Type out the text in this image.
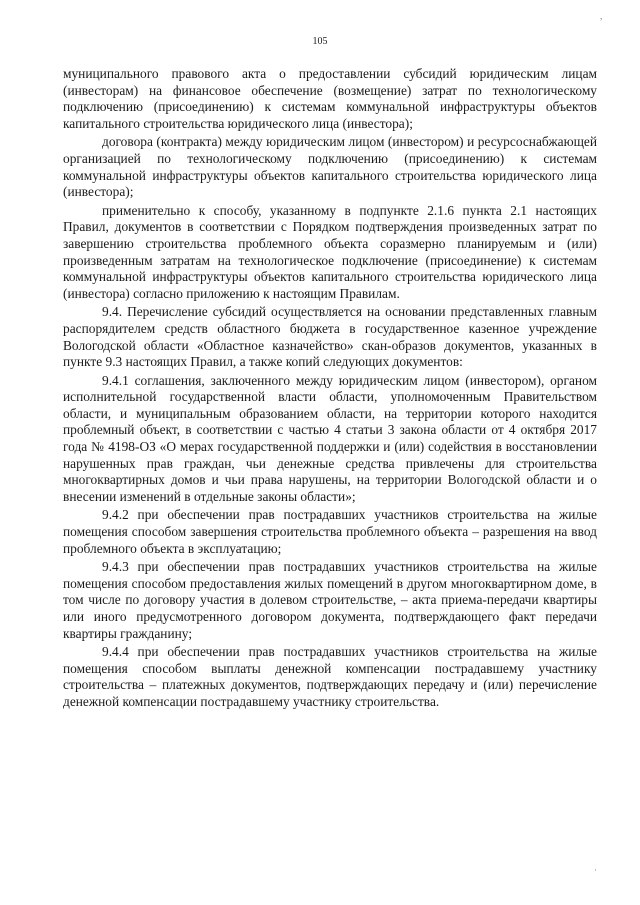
105

муниципального правового акта о предоставлении субсидий юридическим лицам (инвесторам) на финансовое обеспечение (возмещение) затрат по технологическому подключению (присоединению) к системам коммунальной инфраструктуры объектов капитального строительства юридического лица (инвестора);

договора (контракта) между юридическим лицом (инвестором) и ресурсоснабжающей организацией по технологическому подключению (присоединению) к системам коммунальной инфраструктуры объектов капитального строительства юридического лица (инвестора);

применительно к способу, указанному в подпункте 2.1.6 пункта 2.1 настоящих Правил, документов в соответствии с Порядком подтверждения произведенных затрат по завершению строительства проблемного объекта соразмерно планируемым и (или) произведенным затратам на технологическое подключение (присоединение) к системам коммунальной инфраструктуры объектов капитального строительства юридического лица (инвестора) согласно приложению к настоящим Правилам.

9.4. Перечисление субсидий осуществляется на основании представленных главным распорядителем средств областного бюджета в государственное казенное учреждение Вологодской области «Областное казначейство» скан-образов документов, указанных в пункте 9.3 настоящих Правил, а также копий следующих документов:

9.4.1 соглашения, заключенного между юридическим лицом (инвестором), органом исполнительной государственной власти области, уполномоченным Правительством области, и муниципальным образованием области, на территории которого находится проблемный объект, в соответствии с частью 4 статьи 3 закона области от 4 октября 2017 года № 4198-ОЗ «О мерах государственной поддержки и (или) содействия в восстановлении нарушенных прав граждан, чьи денежные средства привлечены для строительства многоквартирных домов и чьи права нарушены, на территории Вологодской области и о внесении изменений в отдельные законы области»;

9.4.2 при обеспечении прав пострадавших участников строительства на жилые помещения способом завершения строительства проблемного объекта – разрешения на ввод проблемного объекта в эксплуатацию;

9.4.3 при обеспечении прав пострадавших участников строительства на жилые помещения способом предоставления жилых помещений в другом многоквартирном доме, в том числе по договору участия в долевом строительстве, – акта приема-передачи квартиры или иного предусмотренного договором документа, подтверждающего факт передачи квартиры гражданину;

9.4.4 при обеспечении прав пострадавших участников строительства на жилые помещения способом выплаты денежной компенсации пострадавшему участнику строительства – платежных документов, подтверждающих передачу и (или) перечисление денежной компенсации пострадавшему участнику строительства.

,
·
